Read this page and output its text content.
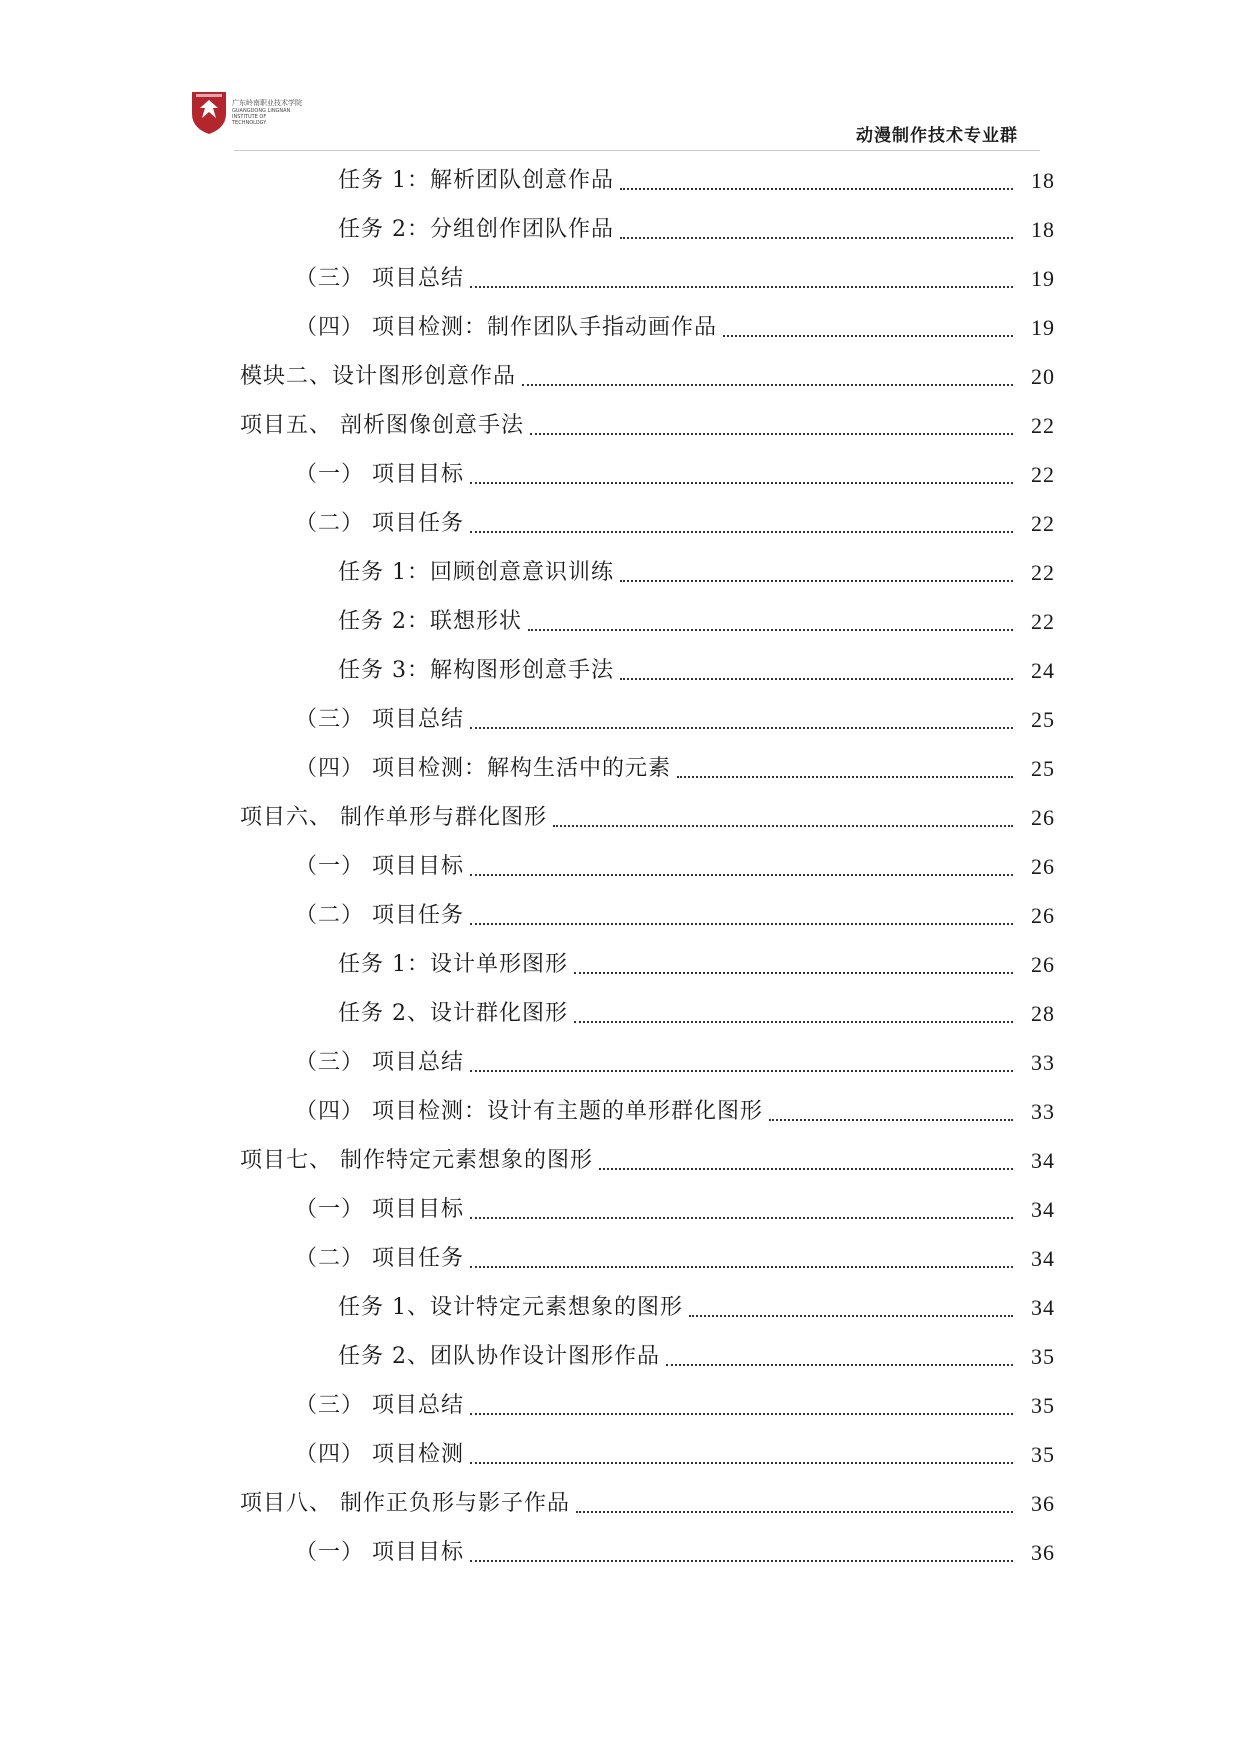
广东岭南职业技术学院
GUANGDONG LINGNAN INSTITUTE OF TECHNOLOGY
动漫制作技术专业群
任务 1：解析团队创意作品	18
任务 2：分组创作团队作品	18
（三） 项目总结	19
（四） 项目检测：制作团队手指动画作品	19
模块二、设计图形创意作品	20
项目五、 剖析图像创意手法	22
（一） 项目目标	22
（二） 项目任务	22
任务 1：回顾创意意识训练	22
任务 2：联想形状	22
任务 3：解构图形创意手法	24
（三） 项目总结	25
（四） 项目检测：解构生活中的元素	25
项目六、 制作单形与群化图形	26
（一） 项目目标	26
（二） 项目任务	26
任务 1：设计单形图形	26
任务 2、设计群化图形	28
（三） 项目总结	33
（四） 项目检测：设计有主题的单形群化图形	33
项目七、 制作特定元素想象的图形	34
（一） 项目目标	34
（二） 项目任务	34
任务 1、设计特定元素想象的图形	34
任务 2、团队协作设计图形作品	35
（三） 项目总结	35
（四） 项目检测	35
项目八、 制作正负形与影子作品	36
（一） 项目目标	36
